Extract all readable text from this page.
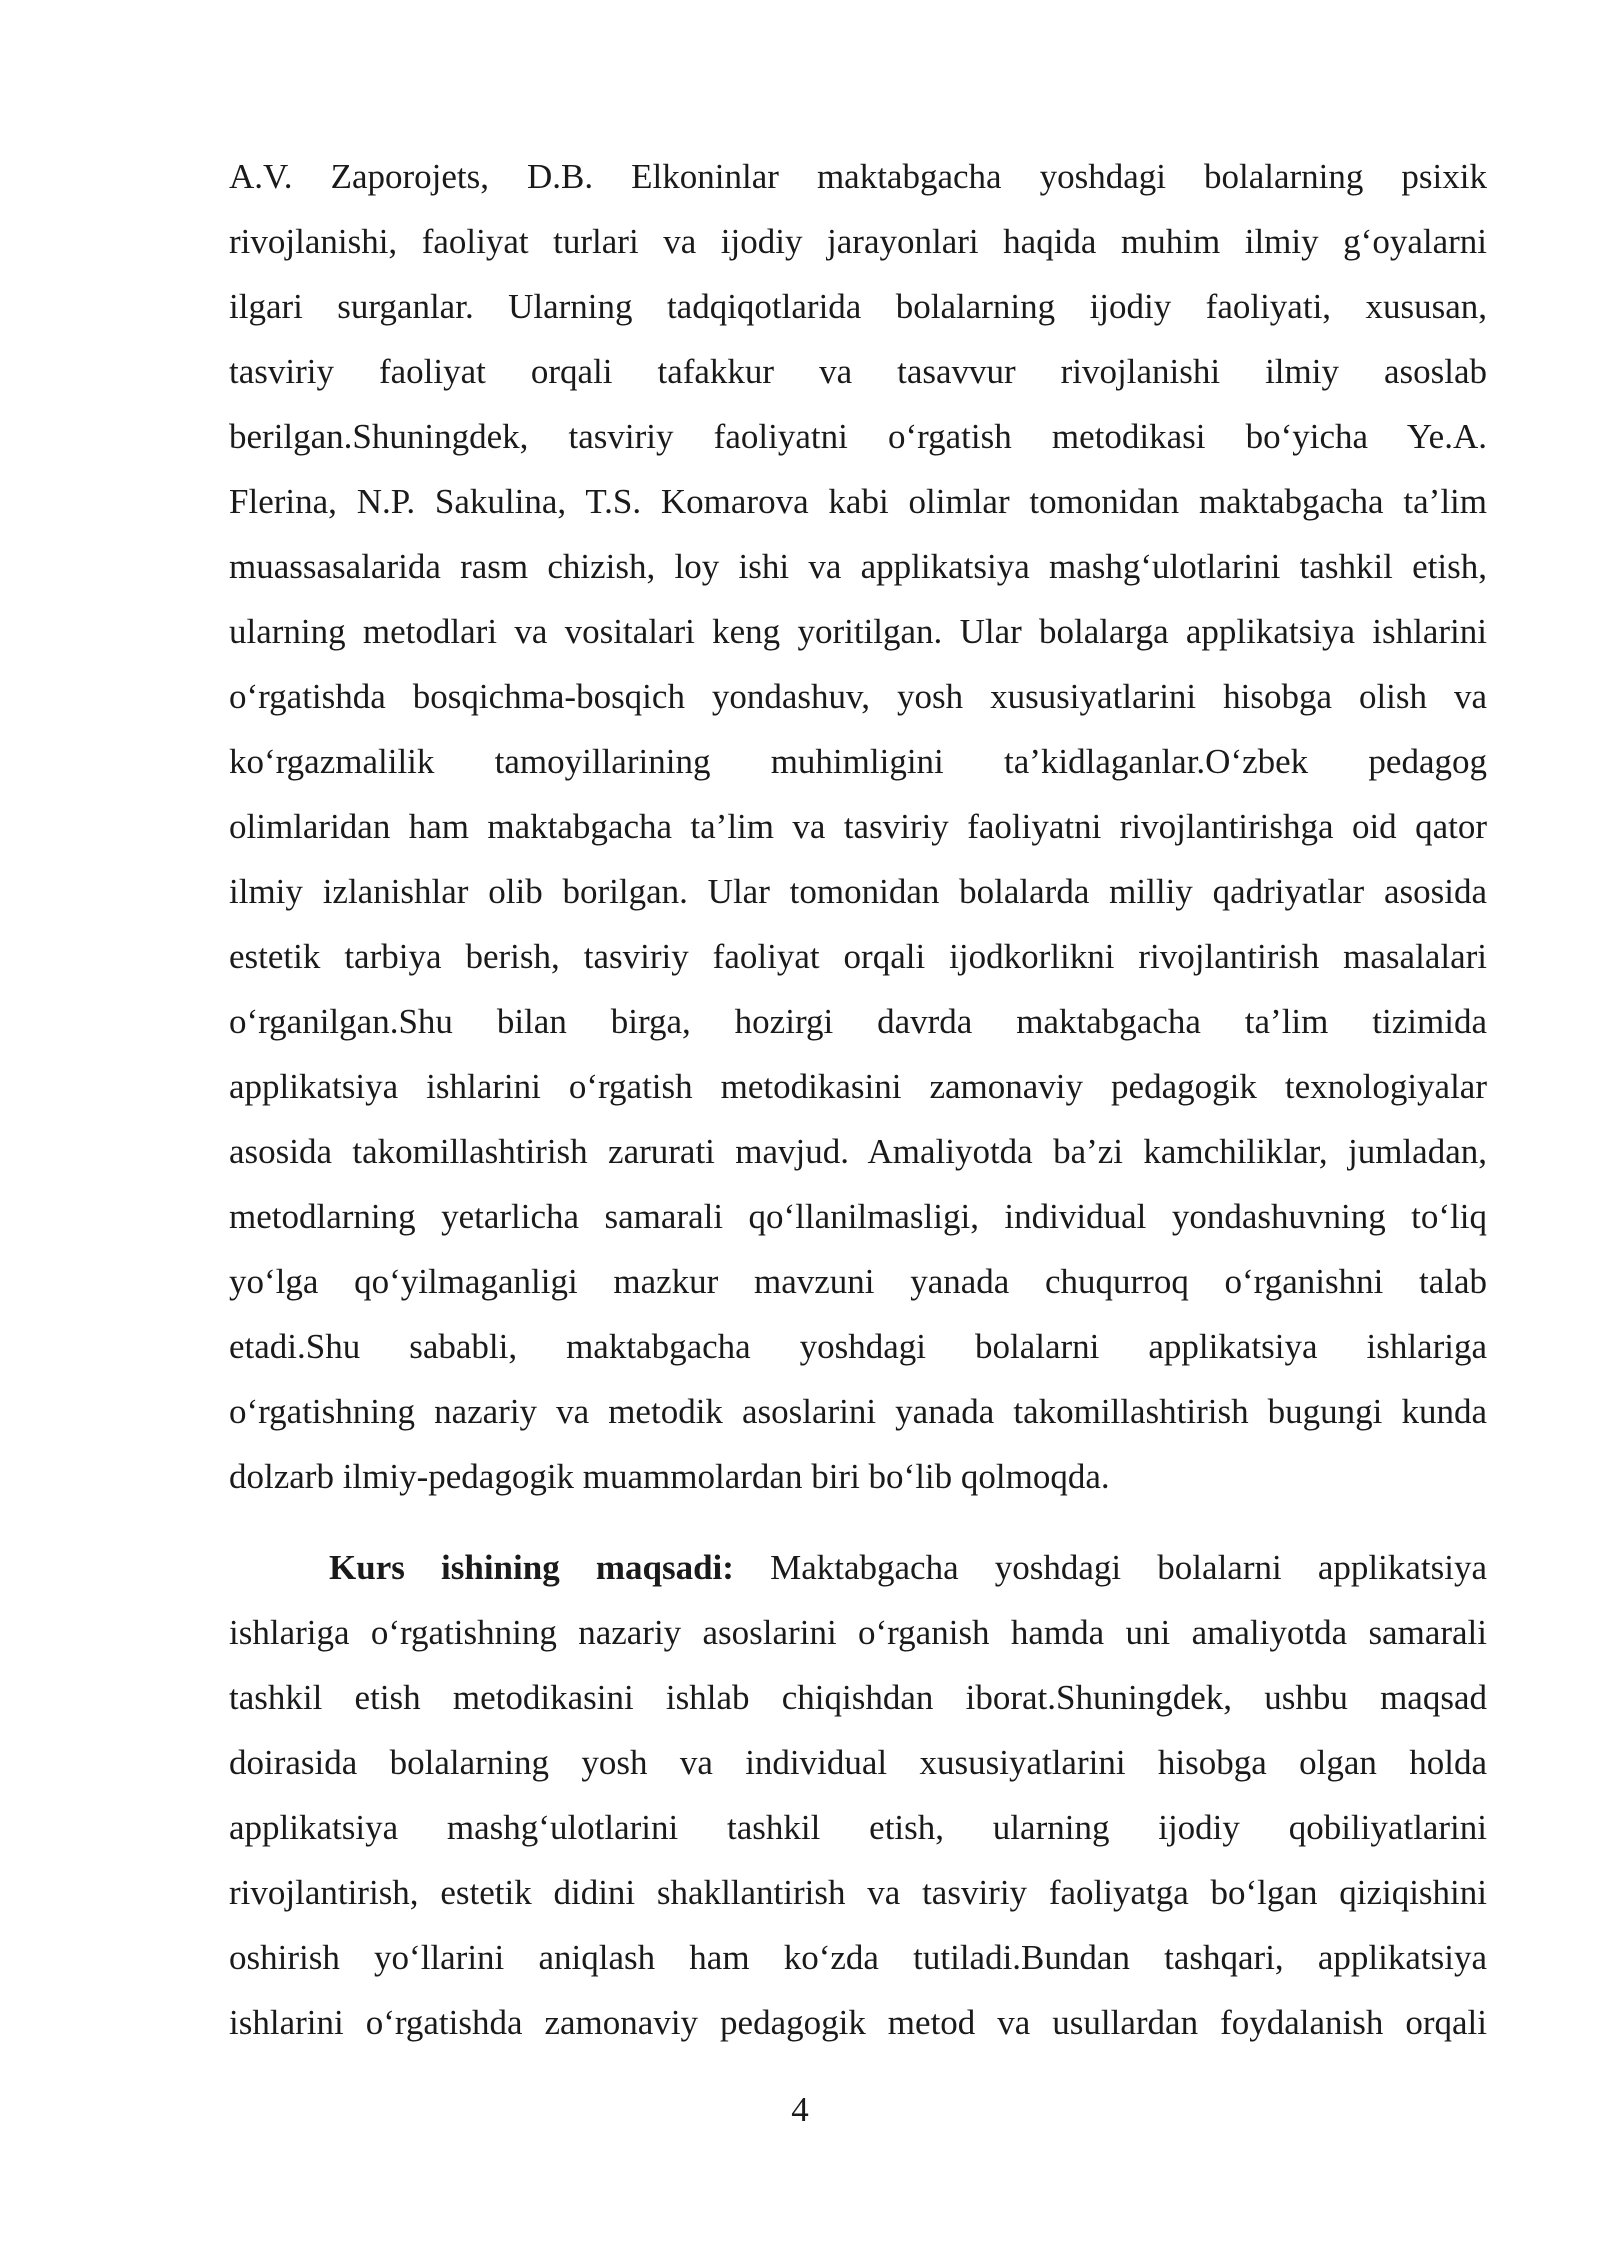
A.V. Zaporojets, D.B. Elkoninlar maktabgacha yoshdagi bolalarning psixik
rivojlanishi, faoliyat turlari va ijodiy jarayonlari haqida muhim ilmiy g‘oyalarni
ilgari surganlar. Ularning tadqiqotlarida bolalarning ijodiy faoliyati, xususan,
tasviriy faoliyat orqali tafakkur va tasavvur rivojlanishi ilmiy asoslab
berilgan.Shuningdek, tasviriy faoliyatni o‘rgatish metodikasi bo‘yicha Ye.A.
Flerina, N.P. Sakulina, T.S. Komarova kabi olimlar tomonidan maktabgacha ta’lim
muassasalarida rasm chizish, loy ishi va applikatsiya mashg‘ulotlarini tashkil etish,
ularning metodlari va vositalari keng yoritilgan. Ular bolalarga applikatsiya ishlarini
o‘rgatishda bosqichma-bosqich yondashuv, yosh xususiyatlarini hisobga olish va
ko‘rgazmalilik tamoyillarining muhimligini ta’kidlaganlar.O‘zbek pedagog
olimlaridan ham maktabgacha ta’lim va tasviriy faoliyatni rivojlantirishga oid qator
ilmiy izlanishlar olib borilgan. Ular tomonidan bolalarda milliy qadriyatlar asosida
estetik tarbiya berish, tasviriy faoliyat orqali ijodkorlikni rivojlantirish masalalari
o‘rganilgan.Shu bilan birga, hozirgi davrda maktabgacha ta’lim tizimida
applikatsiya ishlarini o‘rgatish metodikasini zamonaviy pedagogik texnologiyalar
asosida takomillashtirish zarurati mavjud. Amaliyotda ba’zi kamchiliklar, jumladan,
metodlarning yetarlicha samarali qo‘llanilmasligi, individual yondashuvning to‘liq
yo‘lga qo‘yilmaganligi mazkur mavzuni yanada chuqurroq o‘rganishni talab
etadi.Shu sababli, maktabgacha yoshdagi bolalarni applikatsiya ishlariga
o‘rgatishning nazariy va metodik asoslarini yanada takomillashtirish bugungi kunda
dolzarb ilmiy-pedagogik muammolardan biri bo‘lib qolmoqda.
Kurs ishining maqsadi: Maktabgacha yoshdagi bolalarni applikatsiya
ishlariga o‘rgatishning nazariy asoslarini o‘rganish hamda uni amaliyotda samarali
tashkil etish metodikasini ishlab chiqishdan iborat.Shuningdek, ushbu maqsad
doirasida bolalarning yosh va individual xususiyatlarini hisobga olgan holda
applikatsiya mashg‘ulotlarini tashkil etish, ularning ijodiy qobiliyatlarini
rivojlantirish, estetik didini shakllantirish va tasviriy faoliyatga bo‘lgan qiziqishini
oshirish yo‘llarini aniqlash ham ko‘zda tutiladi.Bundan tashqari, applikatsiya
ishlarini o‘rgatishda zamonaviy pedagogik metod va usullardan foydalanish orqali
4
